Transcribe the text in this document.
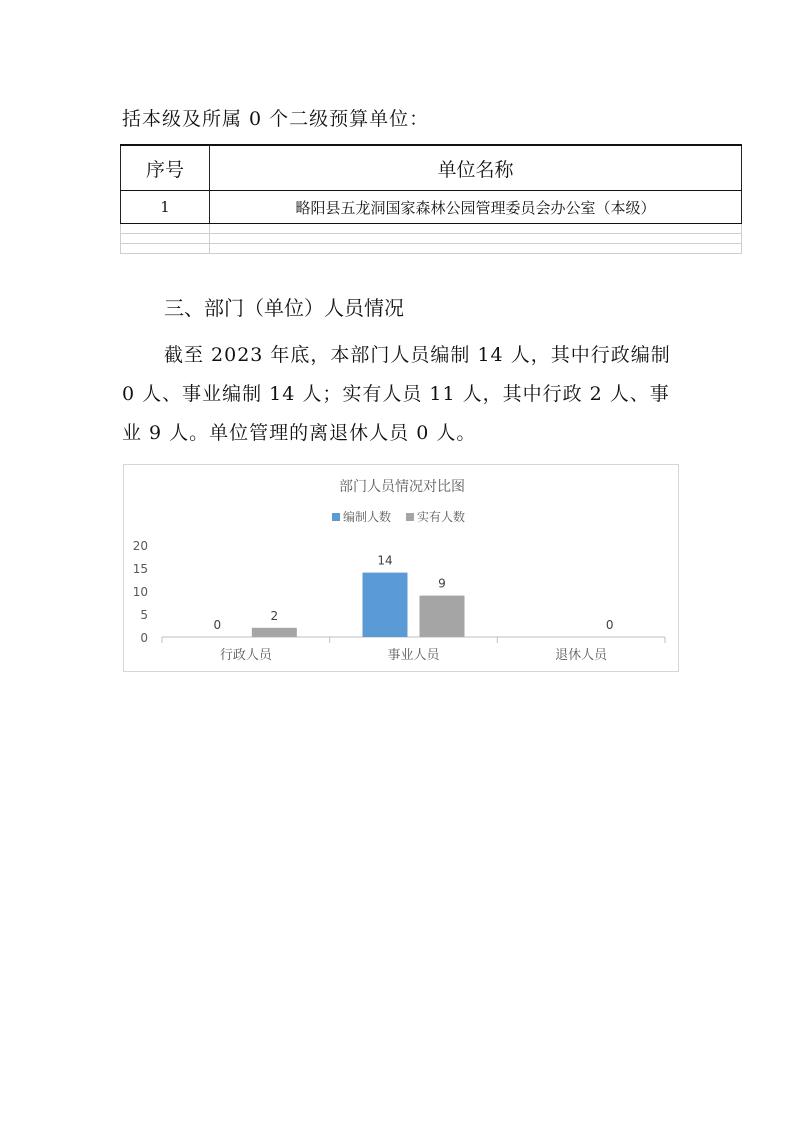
括本级及所属 0 个二级预算单位：
序号	单位名称
1	略阳县五龙洞国家森林公园管理委员会办公室（本级）

三、部门（单位）人员情况
截至 2023 年底，本部门人员编制 14 人，其中行政编制 0 人、事业编制 14 人；实有人员 11 人，其中行政 2 人、事业 9 人。单位管理的离退休人员 0 人。
部门人员情况对比图
编制人数 实有人数
0
5
10
15
20
行政人员
0
2
事业人员
14
9
退休人员
0
